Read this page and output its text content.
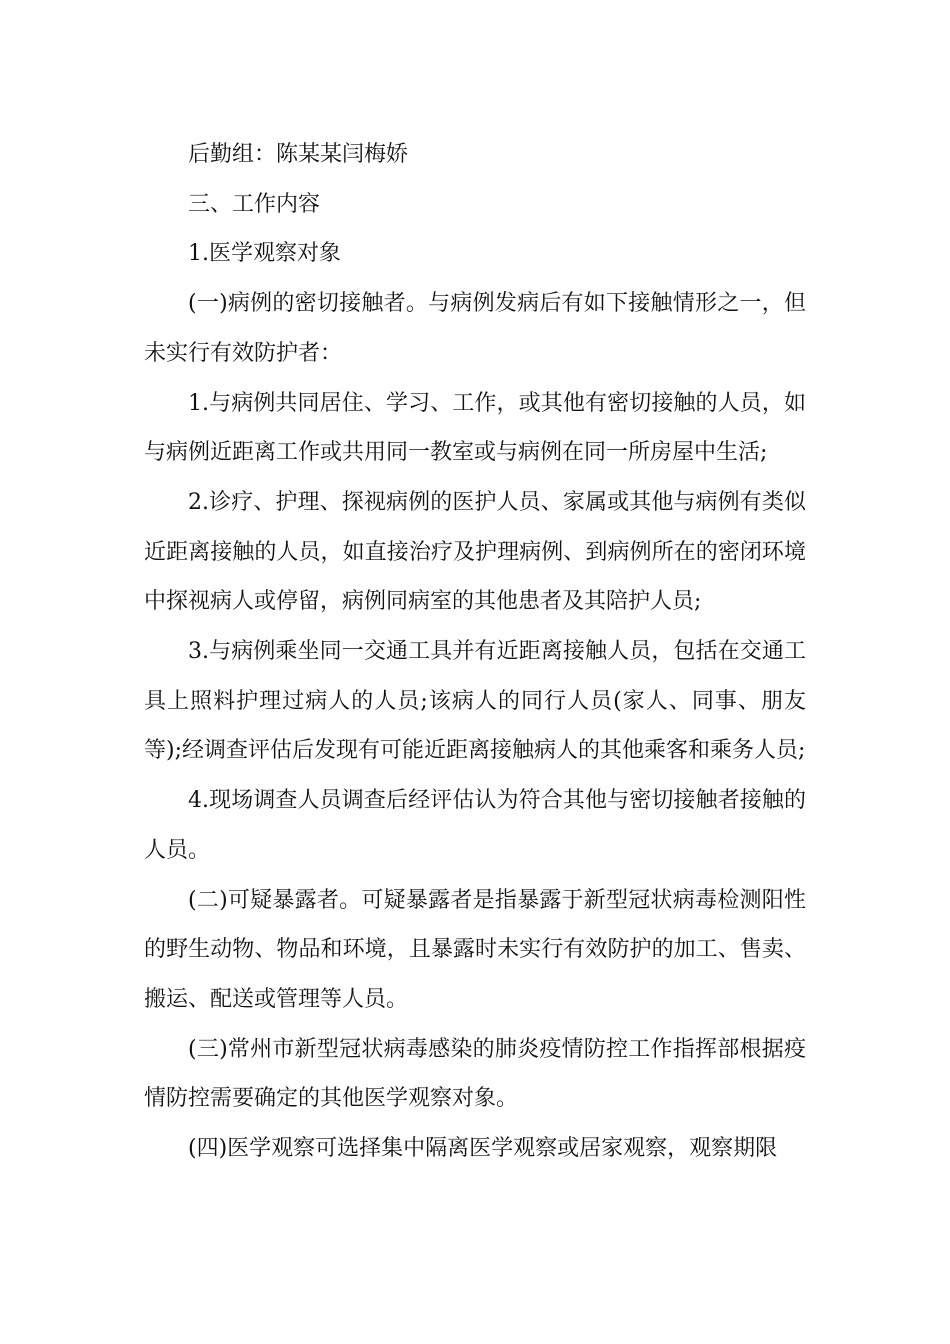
后勤组：陈某某闫梅娇

三、工作内容

1.医学观察对象

(一)病例的密切接触者。与病例发病后有如下接触情形之一，但未实行有效防护者：

1.与病例共同居住、学习、工作，或其他有密切接触的人员，如与病例近距离工作或共用同一教室或与病例在同一所房屋中生活;

2.诊疗、护理、探视病例的医护人员、家属或其他与病例有类似近距离接触的人员，如直接治疗及护理病例、到病例所在的密闭环境中探视病人或停留，病例同病室的其他患者及其陪护人员;

3.与病例乘坐同一交通工具并有近距离接触人员，包括在交通工具上照料护理过病人的人员;该病人的同行人员(家人、同事、朋友等);经调查评估后发现有可能近距离接触病人的其他乘客和乘务人员;

4.现场调查人员调查后经评估认为符合其他与密切接触者接触的人员。

(二)可疑暴露者。可疑暴露者是指暴露于新型冠状病毒检测阳性的野生动物、物品和环境，且暴露时未实行有效防护的加工、售卖、搬运、配送或管理等人员。

(三)常州市新型冠状病毒感染的肺炎疫情防控工作指挥部根据疫情防控需要确定的其他医学观察对象。

(四)医学观察可选择集中隔离医学观察或居家观察，观察期限
